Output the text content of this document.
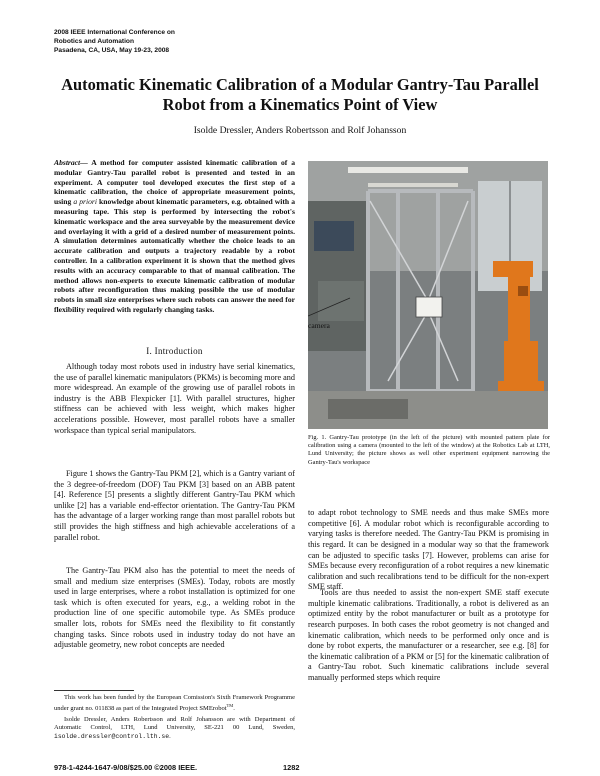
2008 IEEE International Conference on
Robotics and Automation
Pasadena, CA, USA, May 19-23, 2008
Automatic Kinematic Calibration of a Modular Gantry-Tau Parallel
Robot from a Kinematics Point of View
Isolde Dressler, Anders Robertsson and Rolf Johansson
Abstract— A method for computer assisted kinematic calibration of a modular Gantry-Tau parallel robot is presented and tested in an experiment. A computer tool developed executes the first step of a kinematic calibration, the choice of appropriate measurement points, using a priori knowledge about kinematic parameters, e.g. obtained with a measuring tape. This step is performed by intersecting the robot's kinematic workspace and the area surveyable by the measurement device and overlaying it with a grid of a desired number of measurement points. A simulation determines automatically whether the choice leads to an accurate calibration and outputs a trajectory readable by a robot controller. In a calibration experiment it is shown that the method gives results with an accuracy comparable to that of manual calibration. The method allows non-experts to execute kinematic calibration of modular robots after reconfiguration thus making possible the use of modular robots in small size enterprises where such robots can answer the need for flexibility required with regularly changing tasks.
I. Introduction

Although today most robots used in industry have serial kinematics, the use of parallel kinematic manipulators (PKMs) is becoming more and more widespread. An example of the growing use of parallel robots in industry is the ABB Flexpicker [1]. With parallel structures, higher stiffness can be achieved with less weight, which makes higher accelerations possible. However, most parallel robots have a smaller workspace than typical serial manipulators.

Figure 1 shows the Gantry-Tau PKM [2], which is a Gantry variant of the 3 degree-of-freedom (DOF) Tau PKM [3] based on an ABB patent [4]. Reference [5] presents a slightly different Gantry-Tau PKM which unlike [2] has a variable end-effector orientation. The Gantry-Tau PKM has the advantage of a larger working range than most parallel robots but still provides the high stiffness and high achievable accelerations of a parallel robot.

The Gantry-Tau PKM also has the potential to meet the needs of small and medium size enterprises (SMEs). Today, robots are mostly used in large enterprises, where a robot installation is optimized for one task which is often executed for years, e.g., a welding robot in the production line of one specific automobile type. As SMEs produce smaller lots, robots for SMEs need the flexibility to fit constantly changing tasks. Since robots used in industry today do not have an adjustable geometry, new robot concepts are needed

This work has been funded by the European Comission's Sixth Framework Programme under grant no. 011838 as part of the Integrated Project SMErobot™.

Isolde Dressler, Anders Robertsson and Rolf Johansson are with Department of Automatic Control, LTH, Lund University, SE-221 00 Lund, Sweden, isolde.dressler@control.lth.se.

camera
Fig. 1. Gantry-Tau prototype (in the left of the picture) with mounted pattern plate for calibration using a camera (mounted to the left of the window) at the Robotics Lab at LTH, Lund University; the picture shows as well other experiment equipment narrowing the Gantry-Tau's workspace

to adapt robot technology to SME needs and thus make SMEs more competitive [6]. A modular robot which is reconfigurable according to varying tasks is therefore needed. The Gantry-Tau PKM is promising in this regard. It can be designed in a modular way so that the framework can be adjusted to specific tasks [7]. However, problems can arise for SMEs because every reconfiguration of a robot requires a new kinematic calibration and such recalibrations tend to be difficult for the non-expert SME staff.

Tools are thus needed to assist the non-expert SME staff execute multiple kinematic calibrations. Traditionally, a robot is delivered as an optimized entity by the robot manufacturer or built as a prototype for research purposes. In both cases the robot geometry is not changed and kinematic calibration, which needs to be performed only once and is done by robot experts, the manufacturer or a researcher, see e.g. [8] for the kinematic calibration of a PKM or [5] for the kinematic calibration of a Gantry-Tau robot. Such kinematic calibrations include several manually performed steps which require

978-1-4244-1647-9/08/$25.00 ©2008 IEEE.	1282
